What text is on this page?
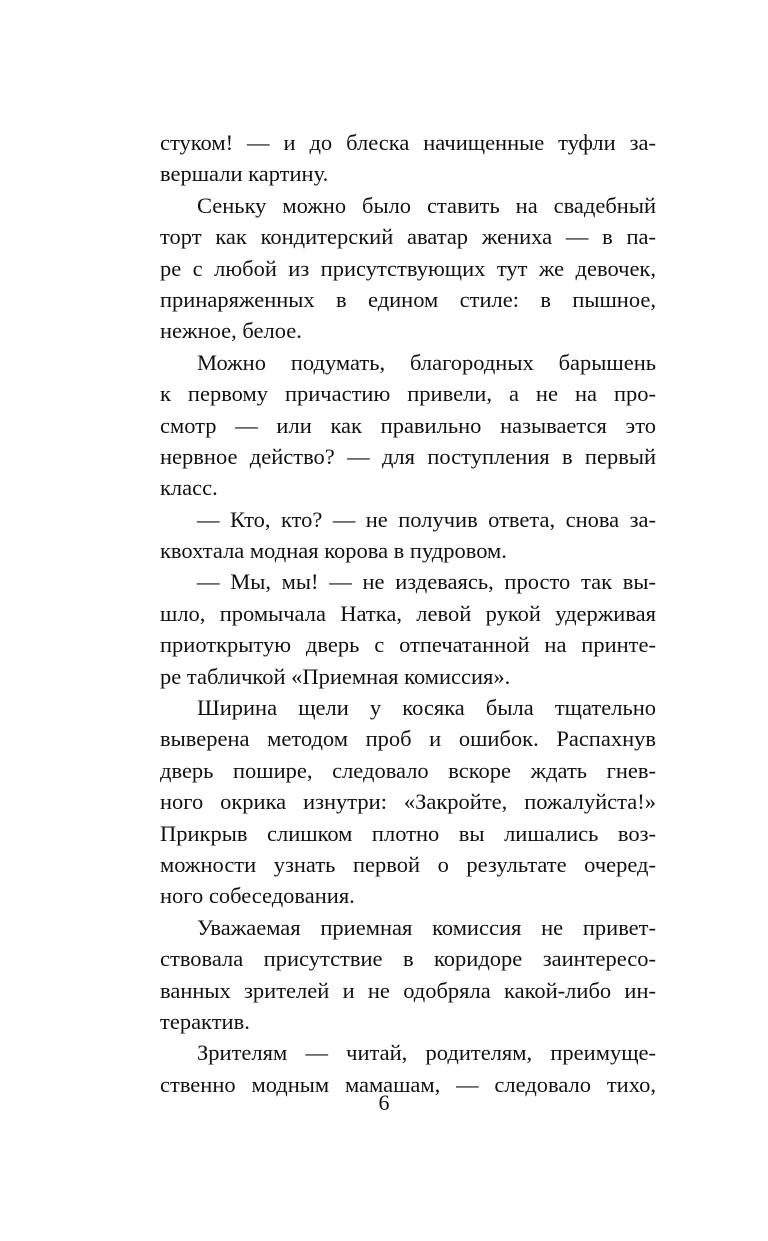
стуком! — и до блеска начищенные туфли за-
вершали картину.
Сеньку можно было ставить на свадебный
торт как кондитерский аватар жениха — в па-
ре с любой из присутствующих тут же девочек,
принаряженных в едином стиле: в пышное,
нежное, белое.
Можно подумать, благородных барышень
к первому причастию привели, а не на про-
смотр — или как правильно называется это
нервное действо? — для поступления в первый
класс.
— Кто, кто? — не получив ответа, снова за-
квохтала модная корова в пудровом.
— Мы, мы! — не издеваясь, просто так вы-
шло, промычала Натка, левой рукой удерживая
приоткрытую дверь с отпечатанной на принте-
ре табличкой «Приемная комиссия».
Ширина щели у косяка была тщательно
выверена методом проб и ошибок. Распахнув
дверь пошире, следовало вскоре ждать гнев-
ного окрика изнутри: «Закройте, пожалуйста!»
Прикрыв слишком плотно вы лишались воз-
можности узнать первой о результате очеред-
ного собеседования.
Уважаемая приемная комиссия не привет-
ствовала присутствие в коридоре заинтересо-
ванных зрителей и не одобряла какой-либо ин-
терактив.
Зрителям — читай, родителям, преимуще-
ственно модным мамашам, — следовало тихо,
6
